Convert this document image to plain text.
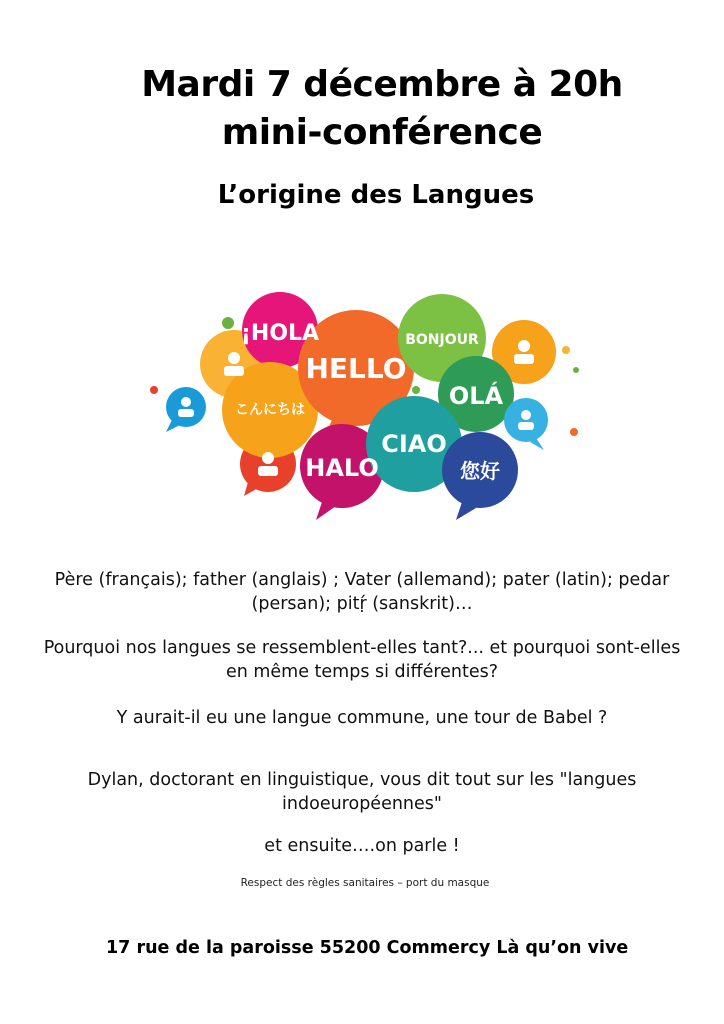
Mardi 7 décembre à 20h
mini-conférence
L’origine des Langues
¡HOLA
HELLO
BONJOUR
OLÁ
こんにちは
CIAO
HALO	您好
Père (français); father (anglais) ; Vater (allemand); pater (latin); pedar (persan); pitṛ́ (sanskrit)…
Pourquoi nos langues se ressemblent-elles tant?... et pourquoi sont-elles en même temps si différentes?
Y aurait-il eu une langue commune, une tour de Babel ?
Dylan, doctorant en linguistique, vous dit tout sur les "langues indoeuropéennes"
et ensuite….on parle !
Respect des règles sanitaires – port du masque
17 rue de la paroisse 55200 Commercy Là qu’on vive
